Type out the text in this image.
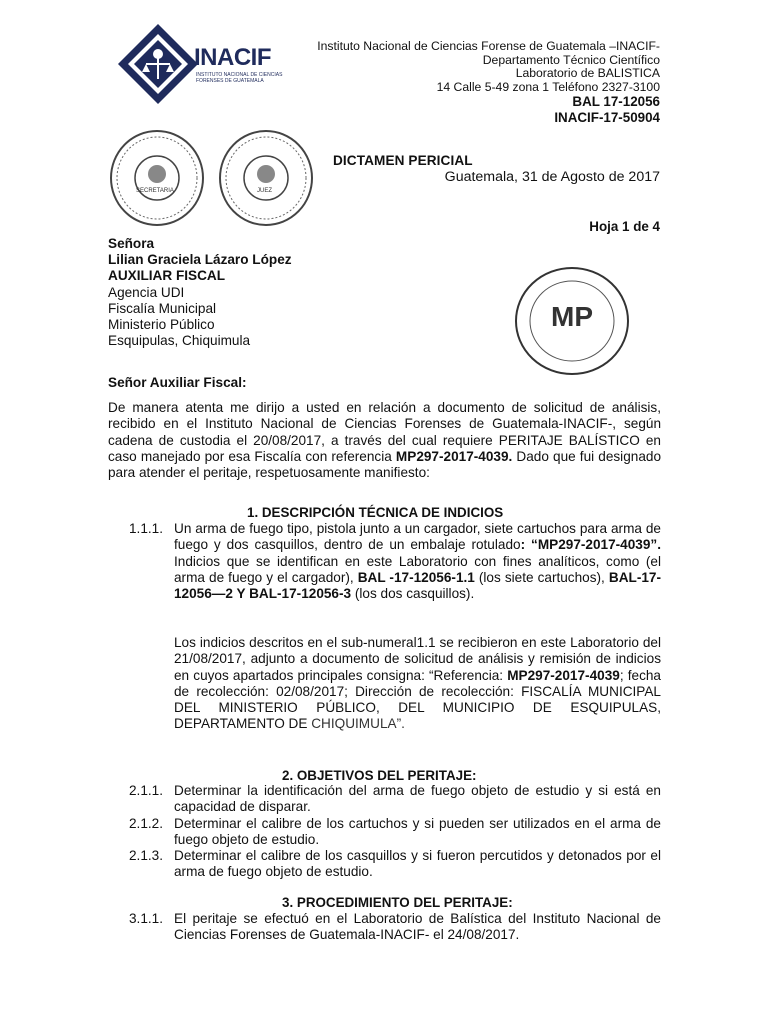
INACIF
INSTITUTO NACIONAL DE CIENCIAS FORENSES DE GUATEMALA
Instituto Nacional de Ciencias Forense de Guatemala –INACIF-
Departamento Técnico Científico
Laboratorio de BALISTICA
14 Calle 5-49 zona 1 Teléfono 2327-3100
BAL 17-12056
INACIF-17-50904
SECRETARIA	JUEZ
DICTAMEN PERICIAL
Guatemala, 31 de Agosto de 2017
Hoja 1 de 4
Señora
Lilian Graciela Lázaro López
AUXILIAR FISCAL
Agencia UDI
Fiscalía Municipal
Ministerio Público
Esquipulas, Chiquimula
MP
Señor Auxiliar Fiscal:
De manera atenta me dirijo a usted en relación a documento de solicitud de análisis, recibido en el Instituto Nacional de Ciencias Forenses de Guatemala-INACIF-, según cadena de custodia el 20/08/2017, a través del cual requiere PERITAJE BALÍSTICO en caso manejado por esa Fiscalía con referencia MP297-2017-4039. Dado que fui designado para atender el peritaje, respetuosamente manifiesto:
1. DESCRIPCIÓN TÉCNICA DE INDICIOS
1.1.1. Un arma de fuego tipo, pistola junto a un cargador, siete cartuchos para arma de fuego y dos casquillos, dentro de un embalaje rotulado: “MP297-2017-4039”. Indicios que se identifican en este Laboratorio con fines analíticos, como (el arma de fuego y el cargador), BAL -17-12056-1.1 (los siete cartuchos), BAL-17-12056—2 Y BAL-17-12056-3 (los dos casquillos).
Los indicios descritos en el sub-numeral1.1 se recibieron en este Laboratorio del 21/08/2017, adjunto a documento de solicitud de análisis y remisión de indicios en cuyos apartados principales consigna: “Referencia: MP297-2017-4039; fecha de recolección: 02/08/2017; Dirección de recolección: FISCALÍA MUNICIPAL DEL MINISTERIO PÚBLICO, DEL MUNICIPIO DE ESQUIPULAS, DEPARTAMENTO DE CHIQUIMULA”.
2. OBJETIVOS DEL PERITAJE:
2.1.1. Determinar la identificación del arma de fuego objeto de estudio y si está en capacidad de disparar.
2.1.2. Determinar el calibre de los cartuchos y si pueden ser utilizados en el arma de fuego objeto de estudio.
2.1.3. Determinar el calibre de los casquillos y si fueron percutidos y detonados por el arma de fuego objeto de estudio.
3. PROCEDIMIENTO DEL PERITAJE:
3.1.1. El peritaje se efectuó en el Laboratorio de Balística del Instituto Nacional de Ciencias Forenses de Guatemala-INACIF- el 24/08/2017.
